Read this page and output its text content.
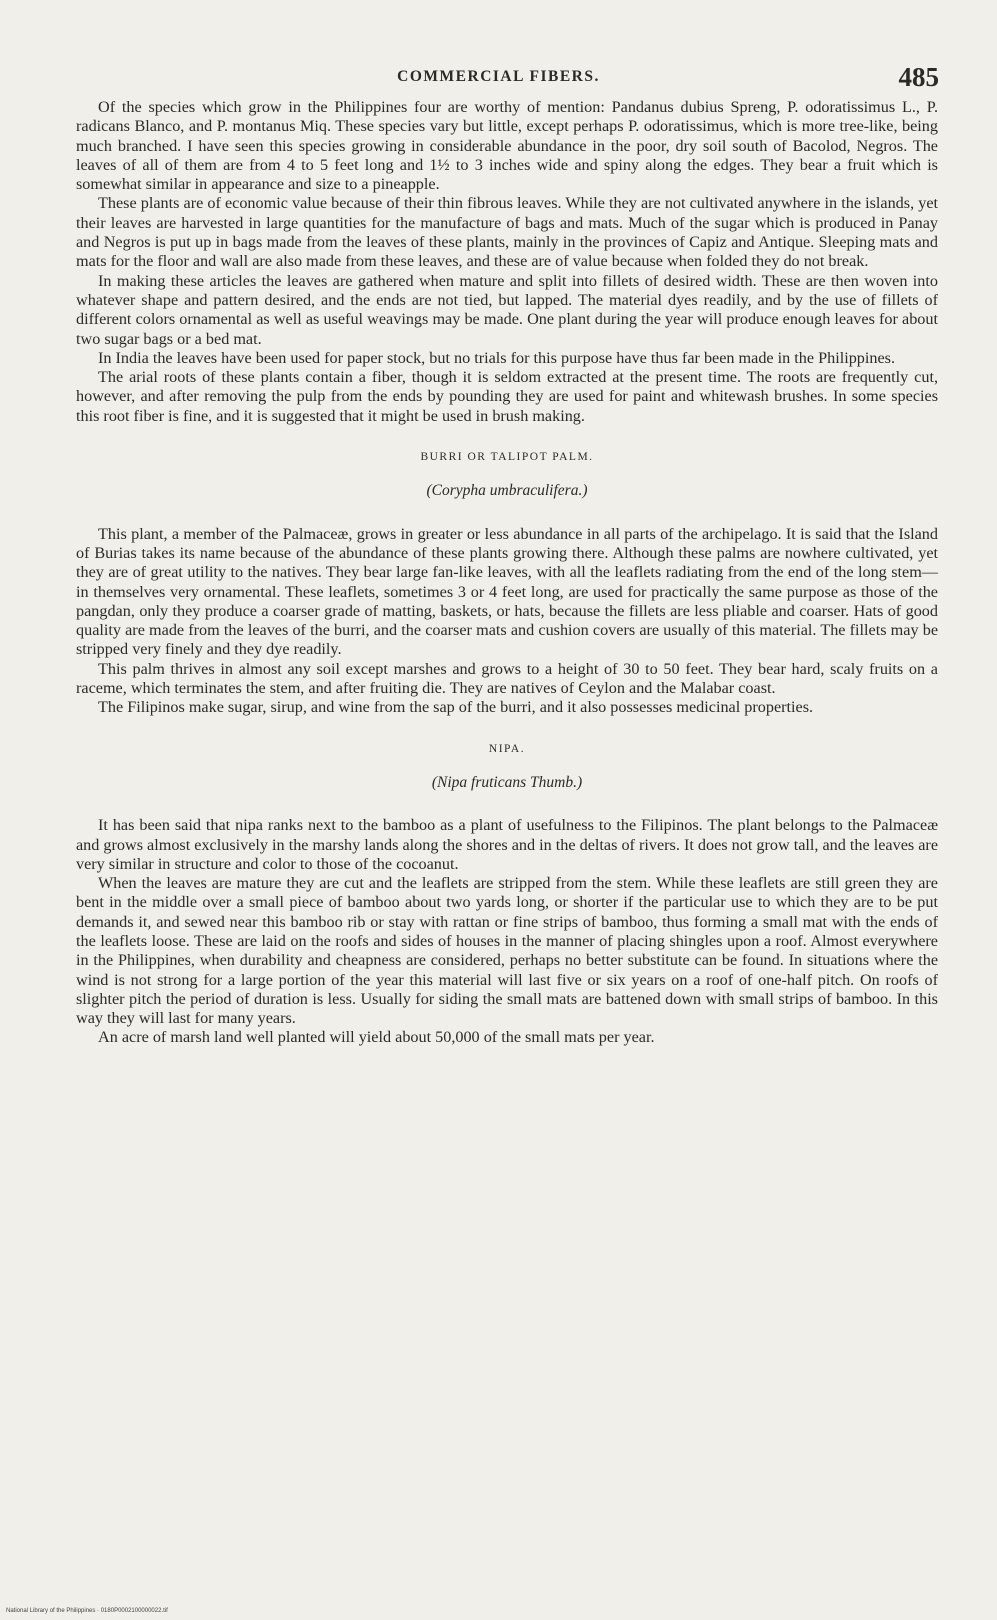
COMMERCIAL FIBERS.	485

Of the species which grow in the Philippines four are worthy of mention: Pandanus dubius Spreng, P. odoratissimus L., P. radicans Blanco, and P. montanus Miq. These species vary but little, except perhaps P. odoratissimus, which is more tree-like, being much branched. I have seen this species growing in considerable abundance in the poor, dry soil south of Bacolod, Negros. The leaves of all of them are from 4 to 5 feet long and 1½ to 3 inches wide and spiny along the edges. They bear a fruit which is somewhat similar in appearance and size to a pineapple.

These plants are of economic value because of their thin fibrous leaves. While they are not cultivated anywhere in the islands, yet their leaves are harvested in large quantities for the manufacture of bags and mats. Much of the sugar which is produced in Panay and Negros is put up in bags made from the leaves of these plants, mainly in the provinces of Capiz and Antique. Sleeping mats and mats for the floor and wall are also made from these leaves, and these are of value because when folded they do not break.

In making these articles the leaves are gathered when mature and split into fillets of desired width. These are then woven into whatever shape and pattern desired, and the ends are not tied, but lapped. The material dyes readily, and by the use of fillets of different colors ornamental as well as useful weavings may be made. One plant during the year will produce enough leaves for about two sugar bags or a bed mat.

In India the leaves have been used for paper stock, but no trials for this purpose have thus far been made in the Philippines.

The arial roots of these plants contain a fiber, though it is seldom extracted at the present time. The roots are frequently cut, however, and after removing the pulp from the ends by pounding they are used for paint and whitewash brushes. In some species this root fiber is fine, and it is suggested that it might be used in brush making.

BURRI OR TALIPOT PALM.
(Corypha umbraculifera.)

This plant, a member of the Palmaceæ, grows in greater or less abundance in all parts of the archipelago. It is said that the Island of Burias takes its name because of the abundance of these plants growing there. Although these palms are nowhere cultivated, yet they are of great utility to the natives. They bear large fan-like leaves, with all the leaflets radiating from the end of the long stem—in themselves very ornamental. These leaflets, sometimes 3 or 4 feet long, are used for practically the same purpose as those of the pangdan, only they produce a coarser grade of matting, baskets, or hats, because the fillets are less pliable and coarser. Hats of good quality are made from the leaves of the burri, and the coarser mats and cushion covers are usually of this material. The fillets may be stripped very finely and they dye readily.

This palm thrives in almost any soil except marshes and grows to a height of 30 to 50 feet. They bear hard, scaly fruits on a raceme, which terminates the stem, and after fruiting die. They are natives of Ceylon and the Malabar coast.

The Filipinos make sugar, sirup, and wine from the sap of the burri, and it also possesses medicinal properties.

NIPA.
(Nipa fruticans Thumb.)

It has been said that nipa ranks next to the bamboo as a plant of usefulness to the Filipinos. The plant belongs to the Palmaceæ and grows almost exclusively in the marshy lands along the shores and in the deltas of rivers. It does not grow tall, and the leaves are very similar in structure and color to those of the cocoanut.

When the leaves are mature they are cut and the leaflets are stripped from the stem. While these leaflets are still green they are bent in the middle over a small piece of bamboo about two yards long, or shorter if the particular use to which they are to be put demands it, and sewed near this bamboo rib or stay with rattan or fine strips of bamboo, thus forming a small mat with the ends of the leaflets loose. These are laid on the roofs and sides of houses in the manner of placing shingles upon a roof. Almost everywhere in the Philippines, when durability and cheapness are considered, perhaps no better substitute can be found. In situations where the wind is not strong for a large portion of the year this material will last five or six years on a roof of one-half pitch. On roofs of slighter pitch the period of duration is less. Usually for siding the small mats are battened down with small strips of bamboo. In this way they will last for many years.

An acre of marsh land well planted will yield about 50,000 of the small mats per year.

National Library of the Philippines · 0180P0002100000022.tif
